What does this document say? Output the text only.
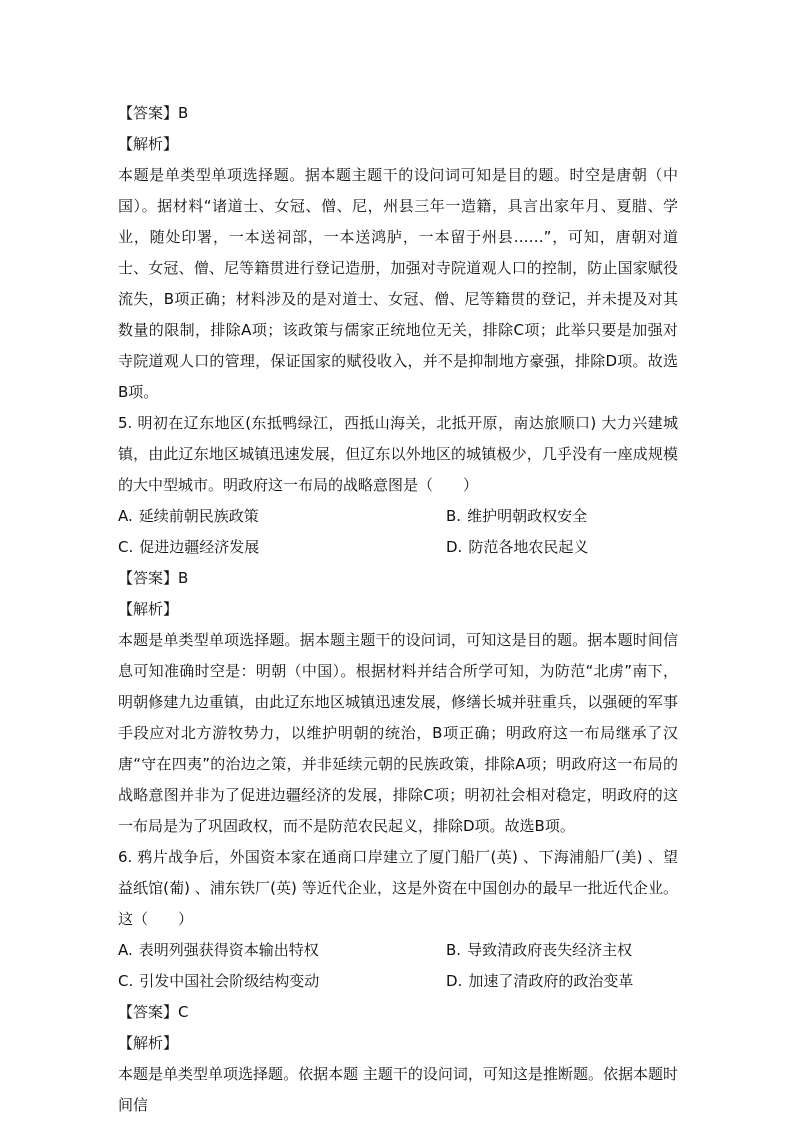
【答案】B
【解析】
本题是单类型单项选择题。据本题主题干的设问词可知是目的题。时空是唐朝（中国）。据材料“诸道士、女冠、僧、尼，州县三年一造籍，具言出家年月、夏腊、学业，随处印署，一本送祠部，一本送鸿胪，一本留于州县……”，可知，唐朝对道士、女冠、僧、尼等籍贯进行登记造册，加强对寺院道观人口的控制，防止国家赋役流失，B项正确；材料涉及的是对道士、女冠、僧、尼等籍贯的登记，并未提及对其数量的限制，排除A项；该政策与儒家正统地位无关，排除C项；此举只要是加强对寺院道观人口的管理，保证国家的赋役收入，并不是抑制地方豪强，排除D项。故选B项。
5. 明初在辽东地区(东抵鸭绿江，西抵山海关，北抵开原，南达旅顺口) 大力兴建城镇，由此辽东地区城镇迅速发展，但辽东以外地区的城镇极少，几乎没有一座成规模的大中型城市。明政府这一布局的战略意图是（　　）
A. 延续前朝民族政策	B. 维护明朝政权安全
C. 促进边疆经济发展	D. 防范各地农民起义
【答案】B
【解析】
本题是单类型单项选择题。据本题主题干的设问词，可知这是目的题。据本题时间信息可知准确时空是：明朝（中国）。根据材料并结合所学可知，为防范“北虏”南下，明朝修建九边重镇，由此辽东地区城镇迅速发展，修缮长城并驻重兵，以强硬的军事手段应对北方游牧势力，以维护明朝的统治，B项正确；明政府这一布局继承了汉唐“守在四夷”的治边之策，并非延续元朝的民族政策，排除A项；明政府这一布局的战略意图并非为了促进边疆经济的发展，排除C项；明初社会相对稳定，明政府的这一布局是为了巩固政权，而不是防范农民起义，排除D项。故选B项。
6. 鸦片战争后，外国资本家在通商口岸建立了厦门船厂(英) 、下海浦船厂(美) 、望益纸馆(葡) 、浦东铁厂(英) 等近代企业，这是外资在中国创办的最早一批近代企业。这（　　）
A. 表明列强获得资本输出特权	B. 导致清政府丧失经济主权
C. 引发中国社会阶级结构变动	D. 加速了清政府的政治变革
【答案】C
【解析】
本题是单类型单项选择题。依据本题 主题干的设问词，可知这是推断题。依据本题时间信
